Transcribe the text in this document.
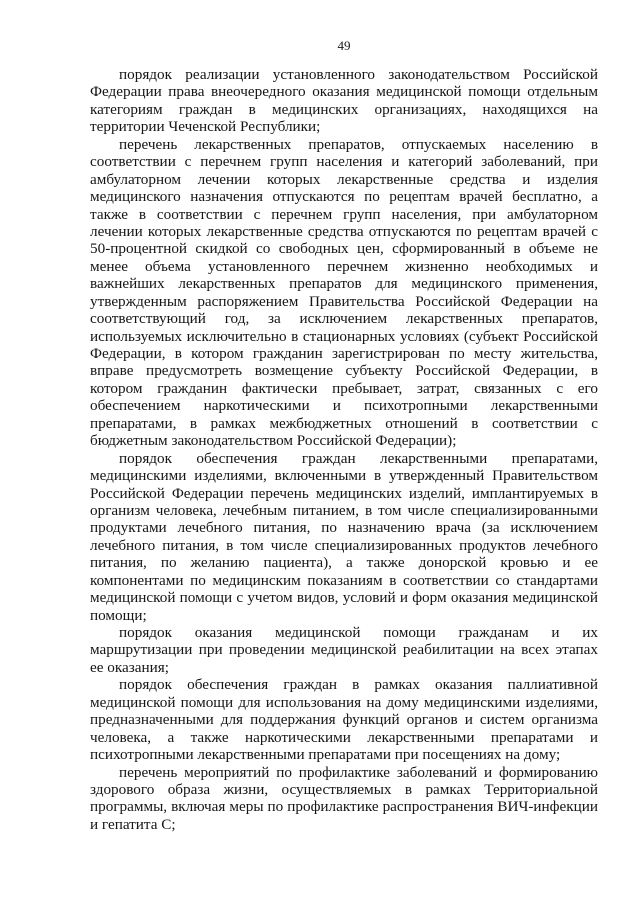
49
порядок реализации установленного законодательством Российской
Федерации права внеочередного оказания медицинской помощи отдельным
категориям граждан в медицинских организациях, находящихся на
территории Чеченской Республики;
перечень лекарственных препаратов, отпускаемых населению в
соответствии с перечнем групп населения и категорий заболеваний, при
амбулаторном лечении которых лекарственные средства и изделия
медицинского назначения отпускаются по рецептам врачей бесплатно, а
также в соответствии с перечнем групп населения, при амбулаторном
лечении которых лекарственные средства отпускаются по рецептам врачей с
50-процентной скидкой со свободных цен, сформированный в объеме не
менее объема установленного перечнем жизненно необходимых и
важнейших лекарственных препаратов для медицинского применения,
утвержденным распоряжением Правительства Российской Федерации на
соответствующий год, за исключением лекарственных препаратов,
используемых исключительно в стационарных условиях (субъект Российской
Федерации, в котором гражданин зарегистрирован по месту жительства,
вправе предусмотреть возмещение субъекту Российской Федерации, в
котором гражданин фактически пребывает, затрат, связанных с его
обеспечением наркотическими и психотропными лекарственными
препаратами, в рамках межбюджетных отношений в соответствии с
бюджетным законодательством Российской Федерации);
порядок обеспечения граждан лекарственными препаратами,
медицинскими изделиями, включенными в утвержденный Правительством
Российской Федерации перечень медицинских изделий, имплантируемых в
организм человека, лечебным питанием, в том числе специализированными
продуктами лечебного питания, по назначению врача (за исключением
лечебного питания, в том числе специализированных продуктов лечебного
питания, по желанию пациента), а также донорской кровью и ее
компонентами по медицинским показаниям в соответствии со стандартами
медицинской помощи с учетом видов, условий и форм оказания медицинской
помощи;
порядок оказания медицинской помощи гражданам и их
маршрутизации при проведении медицинской реабилитации на всех этапах
ее оказания;
порядок обеспечения граждан в рамках оказания паллиативной
медицинской помощи для использования на дому медицинскими изделиями,
предназначенными для поддержания функций органов и систем организма
человека, а также наркотическими лекарственными препаратами и
психотропными лекарственными препаратами при посещениях на дому;
перечень мероприятий по профилактике заболеваний и формированию
здорового образа жизни, осуществляемых в рамках Территориальной
программы, включая меры по профилактике распространения ВИЧ-инфекции
и гепатита С;
